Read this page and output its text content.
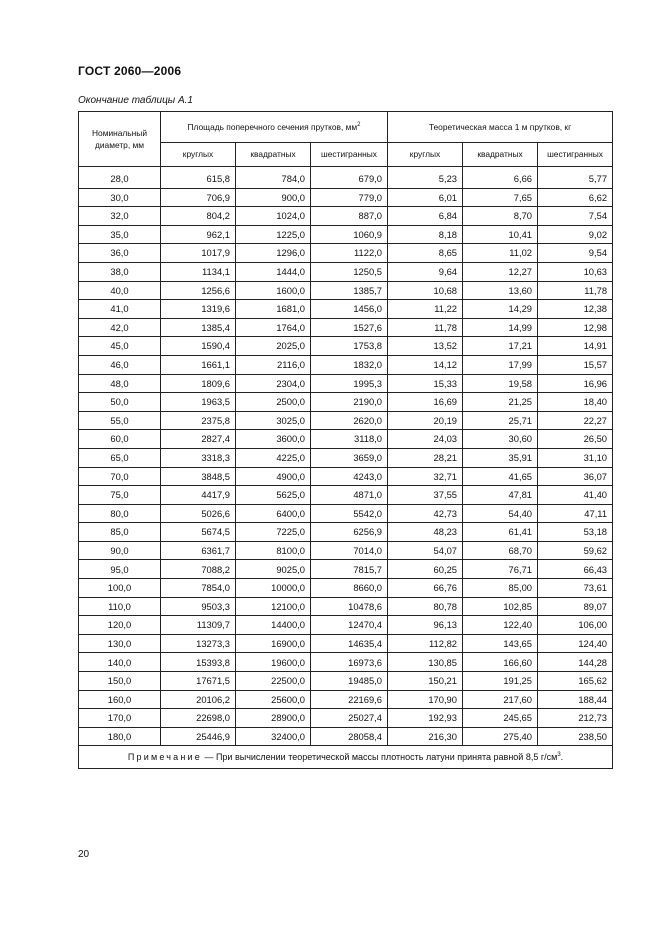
ГОСТ 2060—2006
Окончание таблицы А.1
Номинальный диаметр, мм	Площадь поперечного сечения прутков, $мм^2$			Теоретическая масса 1 м прутков, кг		
	круглых	квадратных	шестигранных	круглых	квадратных	шестигранных
28,0	615,8	784,0	679,0	5,23	6,66	5,77
30,0	706,9	900,0	779,0	6,01	7,65	6,62
32,0	804,2	1024,0	887,0	6,84	8,70	7,54
35,0	962,1	1225,0	1060,9	8,18	10,41	9,02
36,0	1017,9	1296,0	1122,0	8,65	11,02	9,54
38,0	1134,1	1444,0	1250,5	9,64	12,27	10,63
40,0	1256,6	1600,0	1385,7	10,68	13,60	11,78
41,0	1319,6	1681,0	1456,0	11,22	14,29	12,38
42,0	1385,4	1764,0	1527,6	11,78	14,99	12,98
45,0	1590,4	2025,0	1753,8	13,52	17,21	14,91
46,0	1661,1	2116,0	1832,0	14,12	17,99	15,57
48,0	1809,6	2304,0	1995,3	15,33	19,58	16,96
50,0	1963,5	2500,0	2190,0	16,69	21,25	18,40
55,0	2375,8	3025,0	2620,0	20,19	25,71	22,27
60,0	2827,4	3600,0	3118,0	24,03	30,60	26,50
65,0	3318,3	4225,0	3659,0	28,21	35,91	31,10
70,0	3848,5	4900,0	4243,0	32,71	41,65	36,07
75,0	4417,9	5625,0	4871,0	37,55	47,81	41,40
80,0	5026,6	6400,0	5542,0	42,73	54,40	47,11
85,0	5674,5	7225,0	6256,9	48,23	61,41	53,18
90,0	6361,7	8100,0	7014,0	54,07	68,70	59,62
95,0	7088,2	9025,0	7815,7	60,25	76,71	66,43
100,0	7854,0	10000,0	8660,0	66,76	85,00	73,61
110,0	9503,3	12100,0	10478,6	80,78	102,85	89,07
120,0	11309,7	14400,0	12470,4	96,13	122,40	106,00
130,0	13273,3	16900,0	14635,4	112,82	143,65	124,40
140,0	15393,8	19600,0	16973,6	130,85	166,60	144,28
150,0	17671,5	22500,0	19485,0	150,21	191,25	165,62
160,0	20106,2	25600,0	22169,6	170,90	217,60	188,44
170,0	22698,0	28900,0	25027,4	192,93	245,65	212,73
180,0	25446,9	32400,0	28058,4	216,30	275,40	238,50
Примечание — При вычислении теоретической массы плотность латуни принята равной 8,5 $г/см^3$.						
20
